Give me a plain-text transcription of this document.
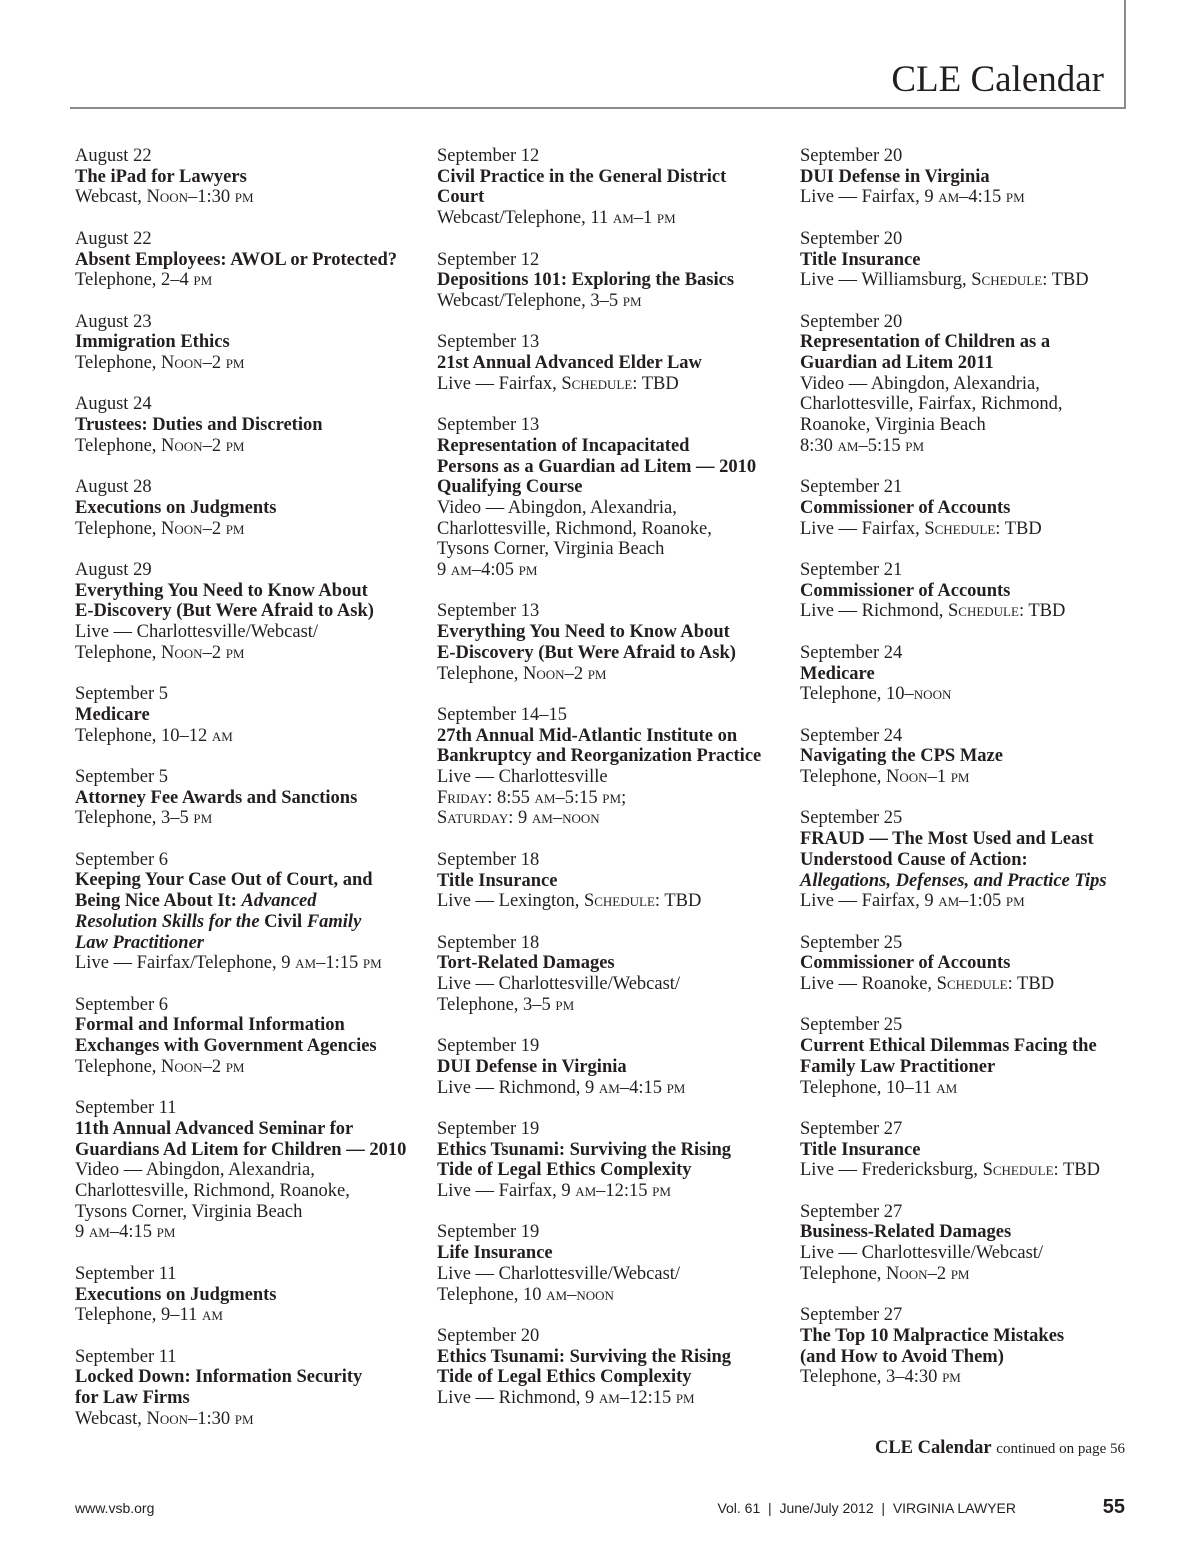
CLE Calendar
August 22
The iPad for Lawyers
Webcast, Noon–1:30 pm
August 22
Absent Employees: AWOL or Protected?
Telephone, 2–4 pm
August 23
Immigration Ethics
Telephone, Noon–2 pm
August 24
Trustees: Duties and Discretion
Telephone, Noon–2 pm
August 28
Executions on Judgments
Telephone, Noon–2 pm
August 29
Everything You Need to Know About
E-Discovery (But Were Afraid to Ask)
Live — Charlottesville/Webcast/
Telephone, Noon–2 pm
September 5
Medicare
Telephone, 10–12 am
September 5
Attorney Fee Awards and Sanctions
Telephone, 3–5 pm
September 6
Keeping Your Case Out of Court, and
Being Nice About It: Advanced
Resolution Skills for the Civil Family
Law Practitioner
Live — Fairfax/Telephone, 9 am–1:15 pm
September 6
Formal and Informal Information
Exchanges with Government Agencies
Telephone, Noon–2 pm
September 11
11th Annual Advanced Seminar for
Guardians Ad Litem for Children — 2010
Video — Abingdon, Alexandria,
Charlottesville, Richmond, Roanoke,
Tysons Corner, Virginia Beach
9 am–4:15 pm
September 11
Executions on Judgments
Telephone, 9–11 am
September 11
Locked Down: Information Security
for Law Firms
Webcast, Noon–1:30 pm
September 12
Civil Practice in the General District
Court
Webcast/Telephone, 11 am–1 pm
September 12
Depositions 101: Exploring the Basics
Webcast/Telephone, 3–5 pm
September 13
21st Annual Advanced Elder Law
Live — Fairfax, Schedule: TBD
September 13
Representation of Incapacitated
Persons as a Guardian ad Litem — 2010
Qualifying Course
Video — Abingdon, Alexandria,
Charlottesville, Richmond, Roanoke,
Tysons Corner, Virginia Beach
9 am–4:05 pm
September 13
Everything You Need to Know About
E-Discovery (But Were Afraid to Ask)
Telephone, Noon–2 pm
September 14–15
27th Annual Mid-Atlantic Institute on
Bankruptcy and Reorganization Practice
Live — Charlottesville
Friday: 8:55 am–5:15 pm;
Saturday: 9 am–noon
September 18
Title Insurance
Live — Lexington, Schedule: TBD
September 18
Tort-Related Damages
Live — Charlottesville/Webcast/
Telephone, 3–5 pm
September 19
DUI Defense in Virginia
Live — Richmond, 9 am–4:15 pm
September 19
Ethics Tsunami: Surviving the Rising
Tide of Legal Ethics Complexity
Live — Fairfax, 9 am–12:15 pm
September 19
Life Insurance
Live — Charlottesville/Webcast/
Telephone, 10 am–noon
September 20
Ethics Tsunami: Surviving the Rising
Tide of Legal Ethics Complexity
Live — Richmond, 9 am–12:15 pm
September 20
DUI Defense in Virginia
Live — Fairfax, 9 am–4:15 pm
September 20
Title Insurance
Live — Williamsburg, Schedule: TBD
September 20
Representation of Children as a
Guardian ad Litem 2011
Video — Abingdon, Alexandria,
Charlottesville, Fairfax, Richmond,
Roanoke, Virginia Beach
8:30 am–5:15 pm
September 21
Commissioner of Accounts
Live — Fairfax, Schedule: TBD
September 21
Commissioner of Accounts
Live — Richmond, Schedule: TBD
September 24
Medicare
Telephone, 10–noon
September 24
Navigating the CPS Maze
Telephone, Noon–1 pm
September 25
FRAUD — The Most Used and Least
Understood Cause of Action:
Allegations, Defenses, and Practice Tips
Live — Fairfax, 9 am–1:05 pm
September 25
Commissioner of Accounts
Live — Roanoke, Schedule: TBD
September 25
Current Ethical Dilemmas Facing the
Family Law Practitioner
Telephone, 10–11 am
September 27
Title Insurance
Live — Fredericksburg, Schedule: TBD
September 27
Business-Related Damages
Live — Charlottesville/Webcast/
Telephone, Noon–2 pm
September 27
The Top 10 Malpractice Mistakes
(and How to Avoid Them)
Telephone, 3–4:30 pm
CLE Calendar continued on page 56
www.vsb.org	Vol. 61  |  June/July 2012  |  VIRGINIA LAWYER	55
